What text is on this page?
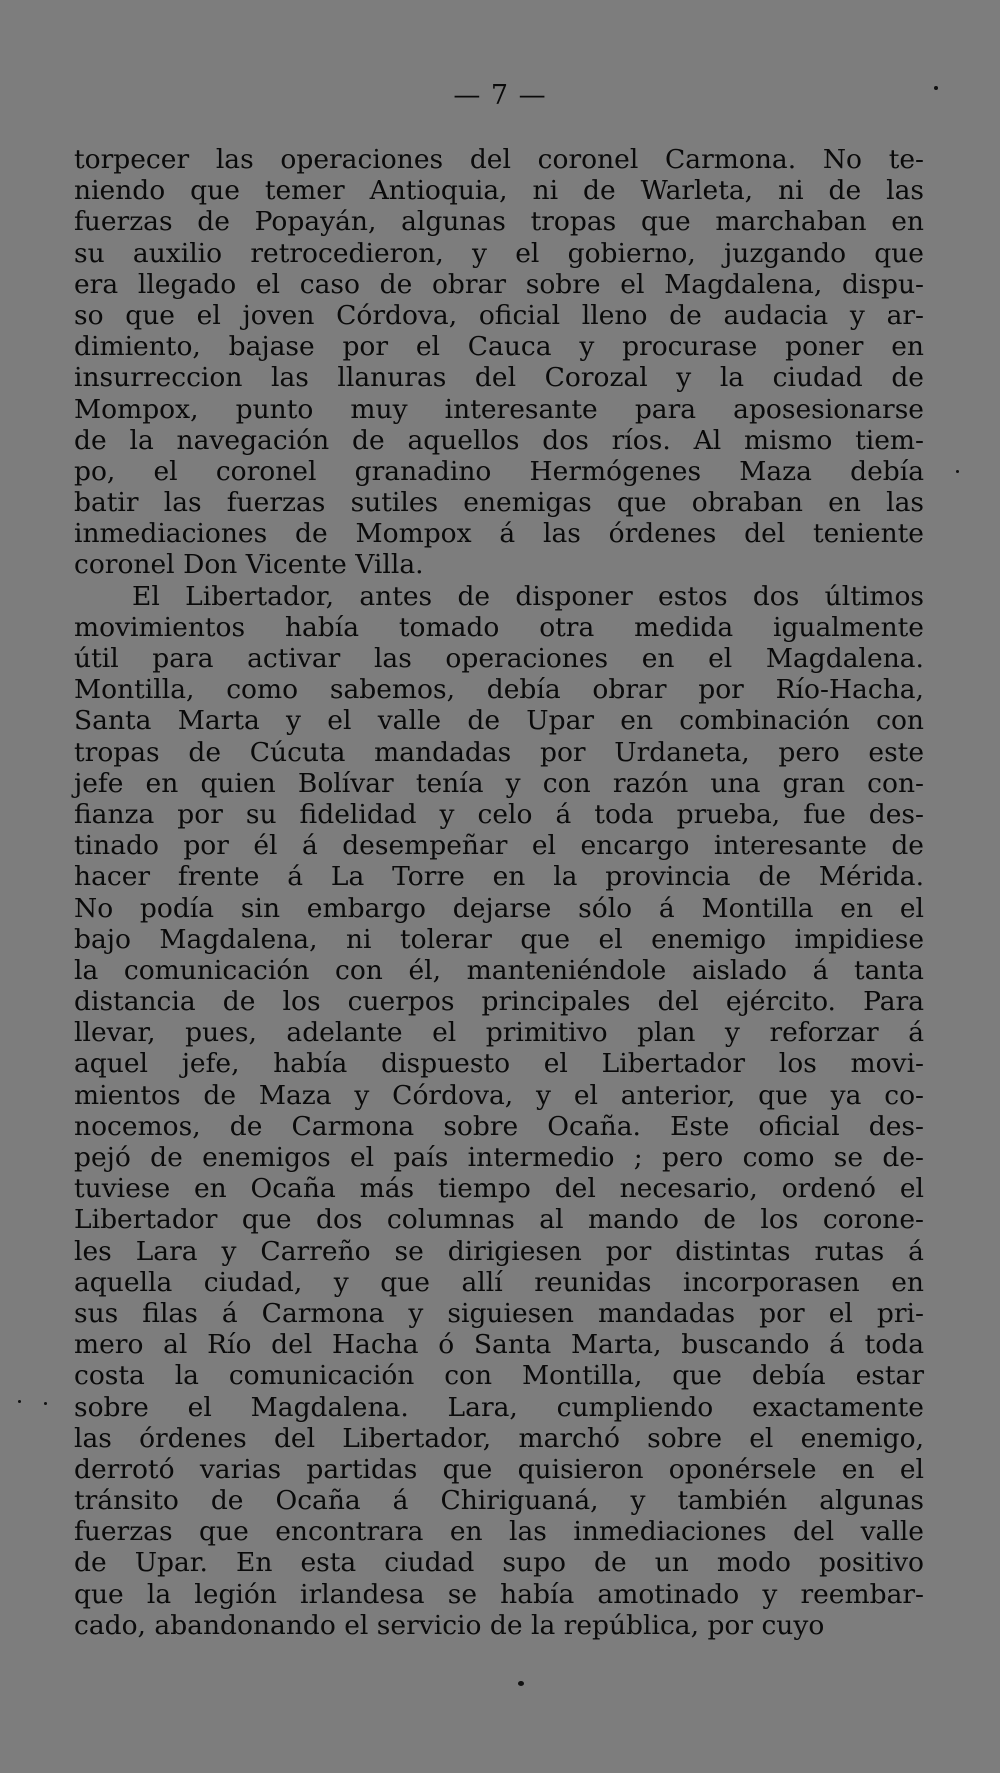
— 7 —
torpecer las operaciones del coronel Carmona. No te-
niendo que temer Antioquia, ni de Warleta, ni de las
fuerzas de Popayán, algunas tropas que marchaban en
su auxilio retrocedieron, y el gobierno, juzgando que
era llegado el caso de obrar sobre el Magdalena, dispu-
so que el joven Córdova, oficial lleno de audacia y ar-
dimiento, bajase por el Cauca y procurase poner en
insurreccion las llanuras del Corozal y la ciudad de
Mompox, punto muy interesante para aposesionarse
de la navegación de aquellos dos ríos. Al mismo tiem-
po, el coronel granadino Hermógenes Maza debía
batir las fuerzas sutiles enemigas que obraban en las
inmediaciones de Mompox á las órdenes del teniente
coronel Don Vicente Villa.
El Libertador, antes de disponer estos dos últimos
movimientos había tomado otra medida igualmente
útil para activar las operaciones en el Magdalena.
Montilla, como sabemos, debía obrar por Río-Hacha,
Santa Marta y el valle de Upar en combinación con
tropas de Cúcuta mandadas por Urdaneta, pero este
jefe en quien Bolívar tenía y con razón una gran con-
fianza por su fidelidad y celo á toda prueba, fue des-
tinado por él á desempeñar el encargo interesante de
hacer frente á La Torre en la provincia de Mérida.
No podía sin embargo dejarse sólo á Montilla en el
bajo Magdalena, ni tolerar que el enemigo impidiese
la comunicación con él, manteniéndole aislado á tanta
distancia de los cuerpos principales del ejército. Para
llevar, pues, adelante el primitivo plan y reforzar á
aquel jefe, había dispuesto el Libertador los movi-
mientos de Maza y Córdova, y el anterior, que ya co-
nocemos, de Carmona sobre Ocaña. Este oficial des-
pejó de enemigos el país intermedio ; pero como se de-
tuviese en Ocaña más tiempo del necesario, ordenó el
Libertador que dos columnas al mando de los corone-
les Lara y Carreño se dirigiesen por distintas rutas á
aquella ciudad, y que allí reunidas incorporasen en
sus filas á Carmona y siguiesen mandadas por el pri-
mero al Río del Hacha ó Santa Marta, buscando á toda
costa la comunicación con Montilla, que debía estar
sobre el Magdalena. Lara, cumpliendo exactamente
las órdenes del Libertador, marchó sobre el enemigo,
derrotó varias partidas que quisieron oponérsele en el
tránsito de Ocaña á Chiriguaná, y también algunas
fuerzas que encontrara en las inmediaciones del valle
de Upar. En esta ciudad supo de un modo positivo
que la legión irlandesa se había amotinado y reembar-
cado, abandonando el servicio de la república, por cuyo
